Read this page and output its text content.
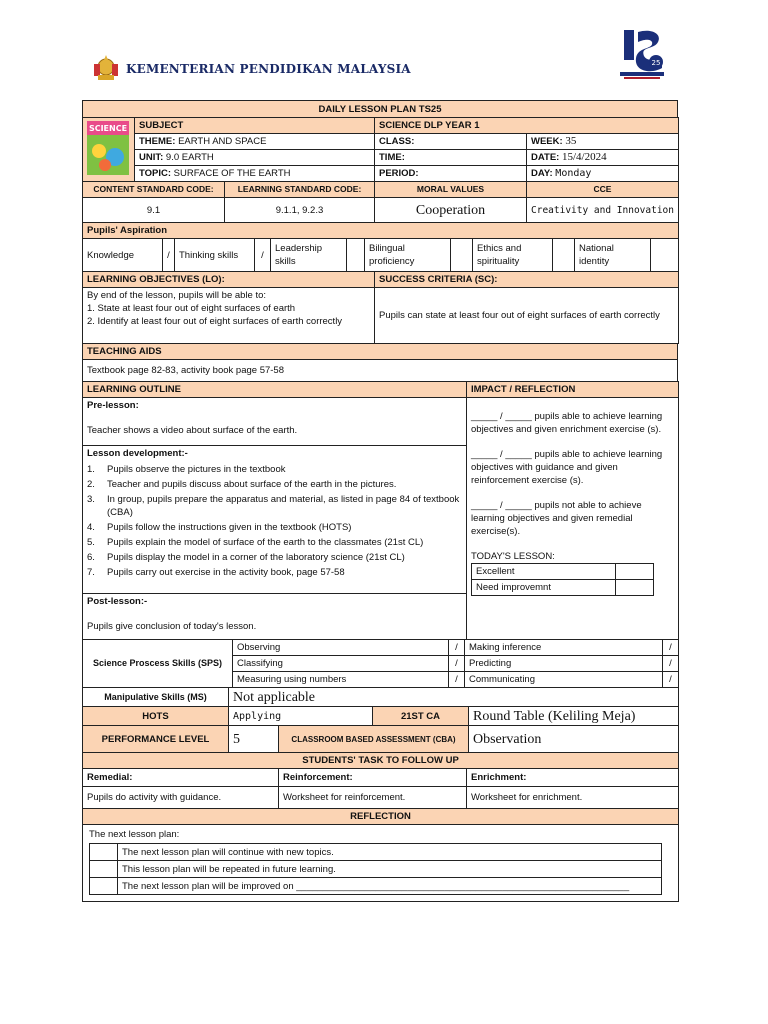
KEMENTERIAN PENDIDIKAN MALAYSIA	25
DAILY LESSON PLAN TS25
SCIENCE	SUBJECT	SCIENCE DLP YEAR 1	
	THEME: EARTH AND SPACE	CLASS:	WEEK: 35
	UNIT: 9.0 EARTH	TIME:	DATE: 15/4/2024
	TOPIC: SURFACE OF THE EARTH	PERIOD:	DAY: Monday
CONTENT STANDARD CODE:	LEARNING STANDARD CODE:	MORAL VALUES	CCE
9.1	9.1.1, 9.2.3	Cooperation	Creativity and Innovation
Pupils' Aspiration
Knowledge	/	Thinking skills	/	Leadership skills		Bilingual proficiency		Ethics and spirituality		National identity	
LEARNING OBJECTIVES (LO):	SUCCESS CRITERIA (SC):

By end of the lesson, pupils will be able to:
1. State at least four out of eight surfaces of earth
2. Identify at least four out of eight surfaces of earth correctly	Pupils can state at least four out of eight surfaces of earth correctly
TEACHING AIDS
Textbook page 82-83, activity book page 57-58
LEARNING OUTLINE	IMPACT / REFLECTION

Pre-lesson:
Teacher shows a video about surface of the earth.

_____ / _____ pupils able to achieve learning objectives and given enrichment exercise (s).
_____ / _____ pupils able to achieve learning objectives with guidance and given reinforcement exercise (s).
_____ / _____ pupils not able to achieve learning objectives and given remedial exercise(s).
TODAY'S LESSON:
Excellent	
Need improvemnt	

Lesson development:-
1.	Pupils observe the pictures in the textbook
2.	Teacher and pupils discuss about surface of the earth in the pictures.
3.	In group, pupils prepare the apparatus and material, as listed in page 84 of textbook (CBA)
4.	Pupils follow the instructions given in the textbook (HOTS)
5.	Pupils explain the model of surface of the earth to the classmates (21st CL)
6.	Pupils display the model in a corner of the laboratory science (21st CL)
7.	Pupils carry out exercise in the activity book, page 57-58

Post-lesson:-
Pupils give conclusion of today's lesson.
Science Proscess Skills (SPS)	Observing	/	Making inference	/
	Classifying	/	Predicting	/
	Measuring using numbers	/	Communicating	/
Manipulative Skills (MS)	Not applicable			
HOTS	Applying		21ST CA	Round Table (Keliling Meja)
PERFORMANCE LEVEL	5	CLASSROOM BASED ASSESSMENT (CBA)		Observation
STUDENTS' TASK TO FOLLOW UP
Remedial:	Reinforcement:	Enrichment:
Pupils do activity with guidance.	Worksheet for reinforcement.	Worksheet for enrichment.
REFLECTION

The next lesson plan:
	The next lesson plan will continue with new topics.
	This lesson plan will be repeated in future learning.
	The next lesson plan will be improved on _______________________________________________________________
